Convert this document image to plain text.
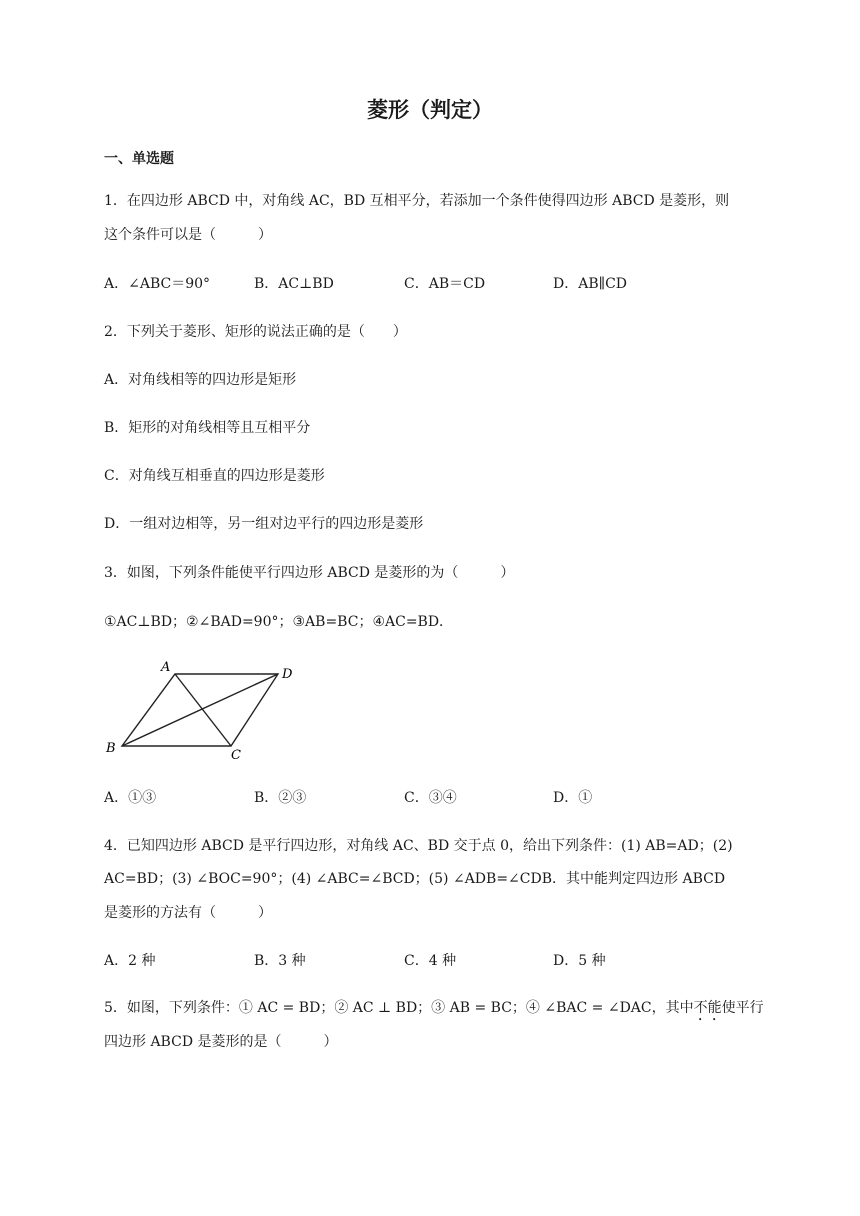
菱形（判定）
一、单选题
1．在四边形 ABCD 中，对角线 AC，BD 互相平分，若添加一个条件使得四边形 ABCD 是菱形，则
这个条件可以是（　　　）
A．∠ABC＝90°	B．AC⊥BD	C．AB＝CD	D．AB∥CD
2．下列关于菱形、矩形的说法正确的是（　　）
A．对角线相等的四边形是矩形
B．矩形的对角线相等且互相平分
C．对角线互相垂直的四边形是菱形
D．一组对边相等，另一组对边平行的四边形是菱形
3．如图，下列条件能使平行四边形 ABCD 是菱形的为（　　　）
①AC⊥BD；②∠BAD=90°；③AB=BC；④AC=BD．
A	D
B	C
A．①③	B．②③	C．③④	D．①
4．已知四边形 ABCD 是平行四边形，对角线 AC、BD 交于点 0，给出下列条件：(1) AB=AD；(2)
AC=BD；(3) ∠BOC=90°；(4) ∠ABC=∠BCD；(5) ∠ADB=∠CDB．其中能判定四边形 ABCD
是菱形的方法有（　　　）
A．2 种	B．3 种	C．4 种	D．5 种
5．如图，下列条件：① AC = BD；② AC ⊥ BD；③ AB = BC；④ ∠BAC = ∠DAC，其中不能使平行
四边形 ABCD 是菱形的是（　　　）
